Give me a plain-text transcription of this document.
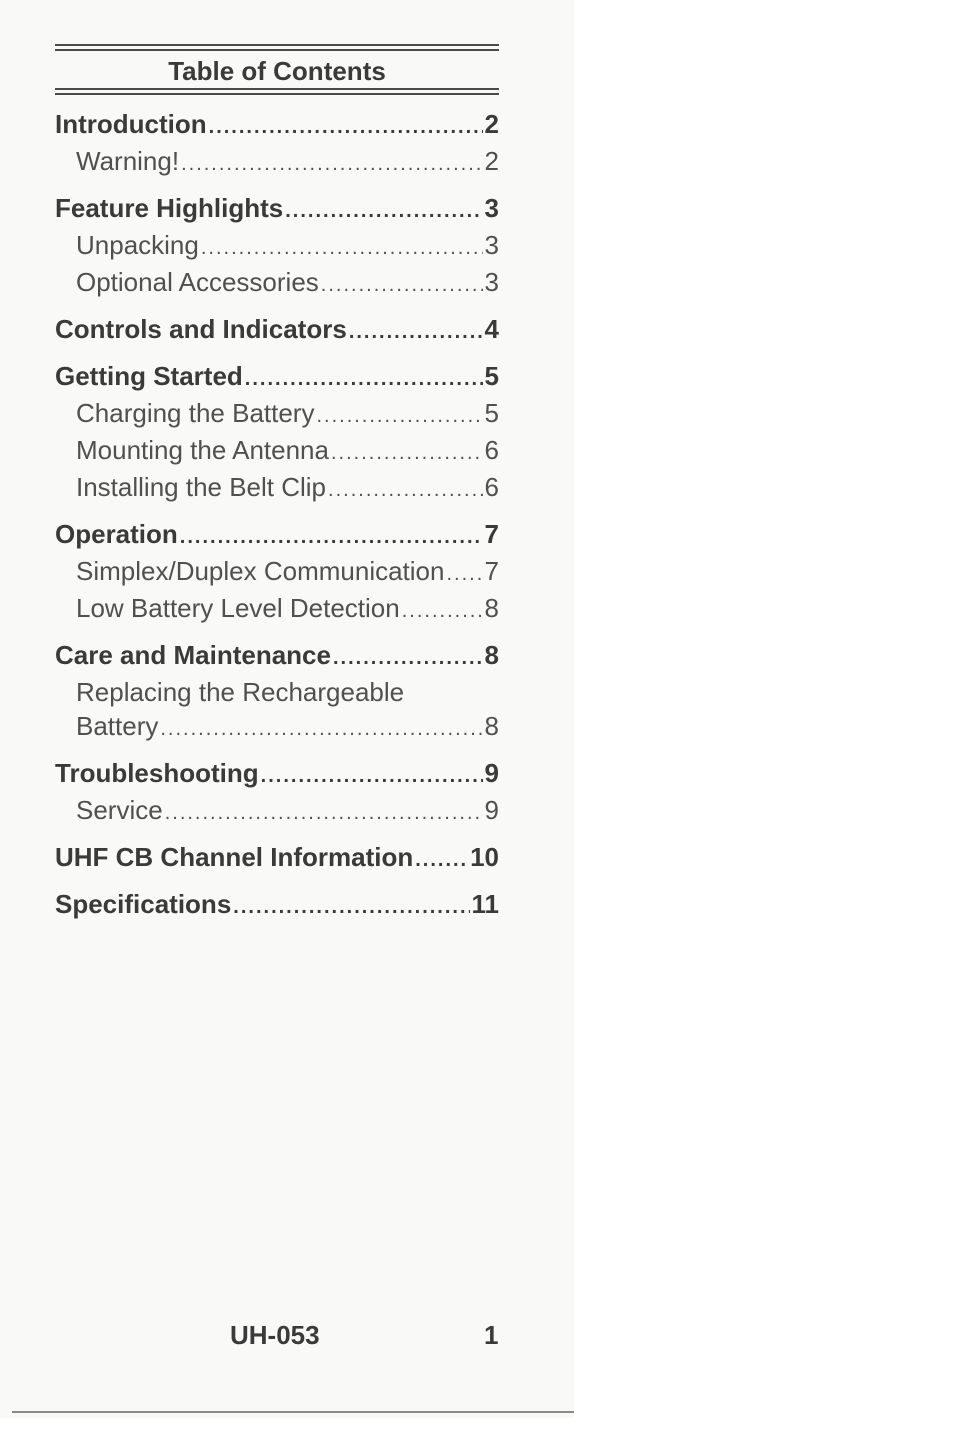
Table of Contents
Introduction .....	2
Warning! .....	2
Feature Highlights .....	3
Unpacking .....	3
Optional Accessories .....	3
Controls and Indicators .....	4
Getting Started .....	5
Charging the Battery .....	5
Mounting the Antenna .....	6
Installing the Belt Clip .....	6
Operation .....	7
Simplex/Duplex Communication ..... 7
Low Battery Level Detection .....	8
Care and Maintenance .....	8
Replacing the Rechargeable
Battery .....	8
Troubleshooting .....	9
Service .....	9
UHF CB Channel Information ..... 10
Specifications .....	11
UH-053	1
